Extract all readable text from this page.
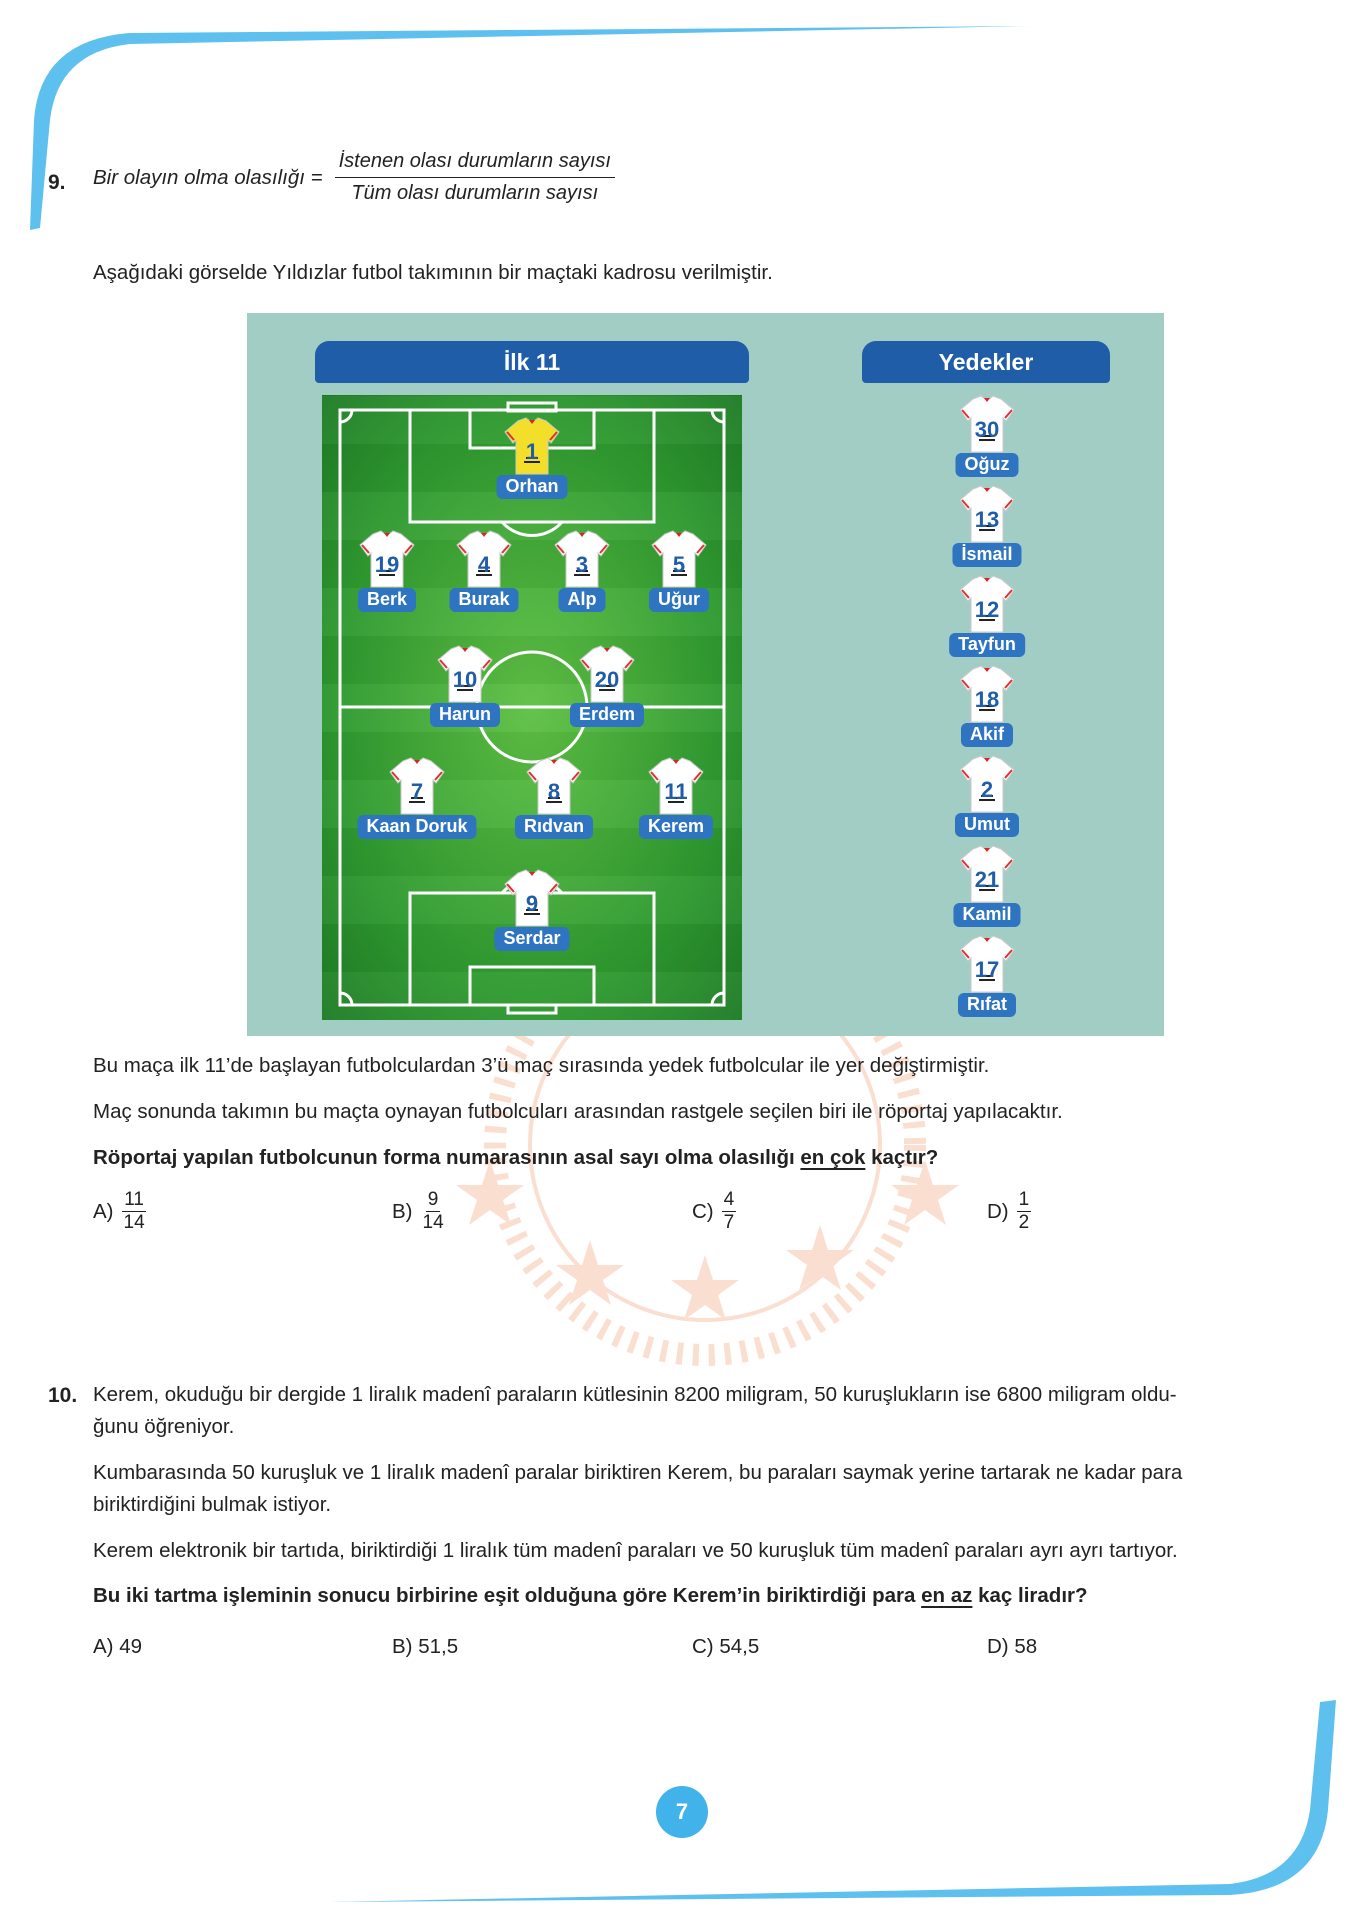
9. Bir olayın olma olasılığı = $\frac{\text{İstenen olası durumların sayısı}}{\text{Tüm olası durumların sayısı}}$
Aşağıdaki görselde Yıldızlar futbol takımının bir maçtaki kadrosu verilmiştir.
İlk 11	Yedekler
1
Orhan
19
Berk
4
Burak
3
Alp
5
Uğur
10
Harun
20
Erdem
7
Kaan Doruk
8
Rıdvan
11
Kerem
9
Serdar
30
Oğuz
13
İsmail
12
Tayfun
18
Akif
2
Umut
21
Kamil
17
Rıfat
Bu maça ilk 11’de başlayan futbolculardan 3’ü maç sırasında yedek futbolcular ile yer değiştirmiştir.
Maç sonunda takımın bu maçta oynayan futbolcuları arasından rastgele seçilen biri ile röportaj yapılacaktır.
Röportaj yapılan futbolcunun forma numarasının asal sayı olma olasılığı en çok kaçtır?
$A) \frac{11}{14}$	$B) \frac{9}{14}$	$C) \frac{4}{7}$	$D) \frac{1}{2}$
10. Kerem, okuduğu bir dergide 1 liralık madenî paraların kütlesinin 8200 miligram, 50 kuruşlukların ise 6800 miligram oldu-
ğunu öğreniyor.
Kumbarasında 50 kuruşluk ve 1 liralık madenî paralar biriktiren Kerem, bu paraları saymak yerine tartarak ne kadar para
biriktirdiğini bulmak istiyor.
Kerem elektronik bir tartıda, biriktirdiği 1 liralık tüm madenî paraları ve 50 kuruşluk tüm madenî paraları ayrı ayrı tartıyor.
Bu iki tartma işleminin sonucu birbirine eşit olduğuna göre Kerem’in biriktirdiği para en az kaç liradır?
A) 49	B) 51,5	C) 54,5	D) 58
7
